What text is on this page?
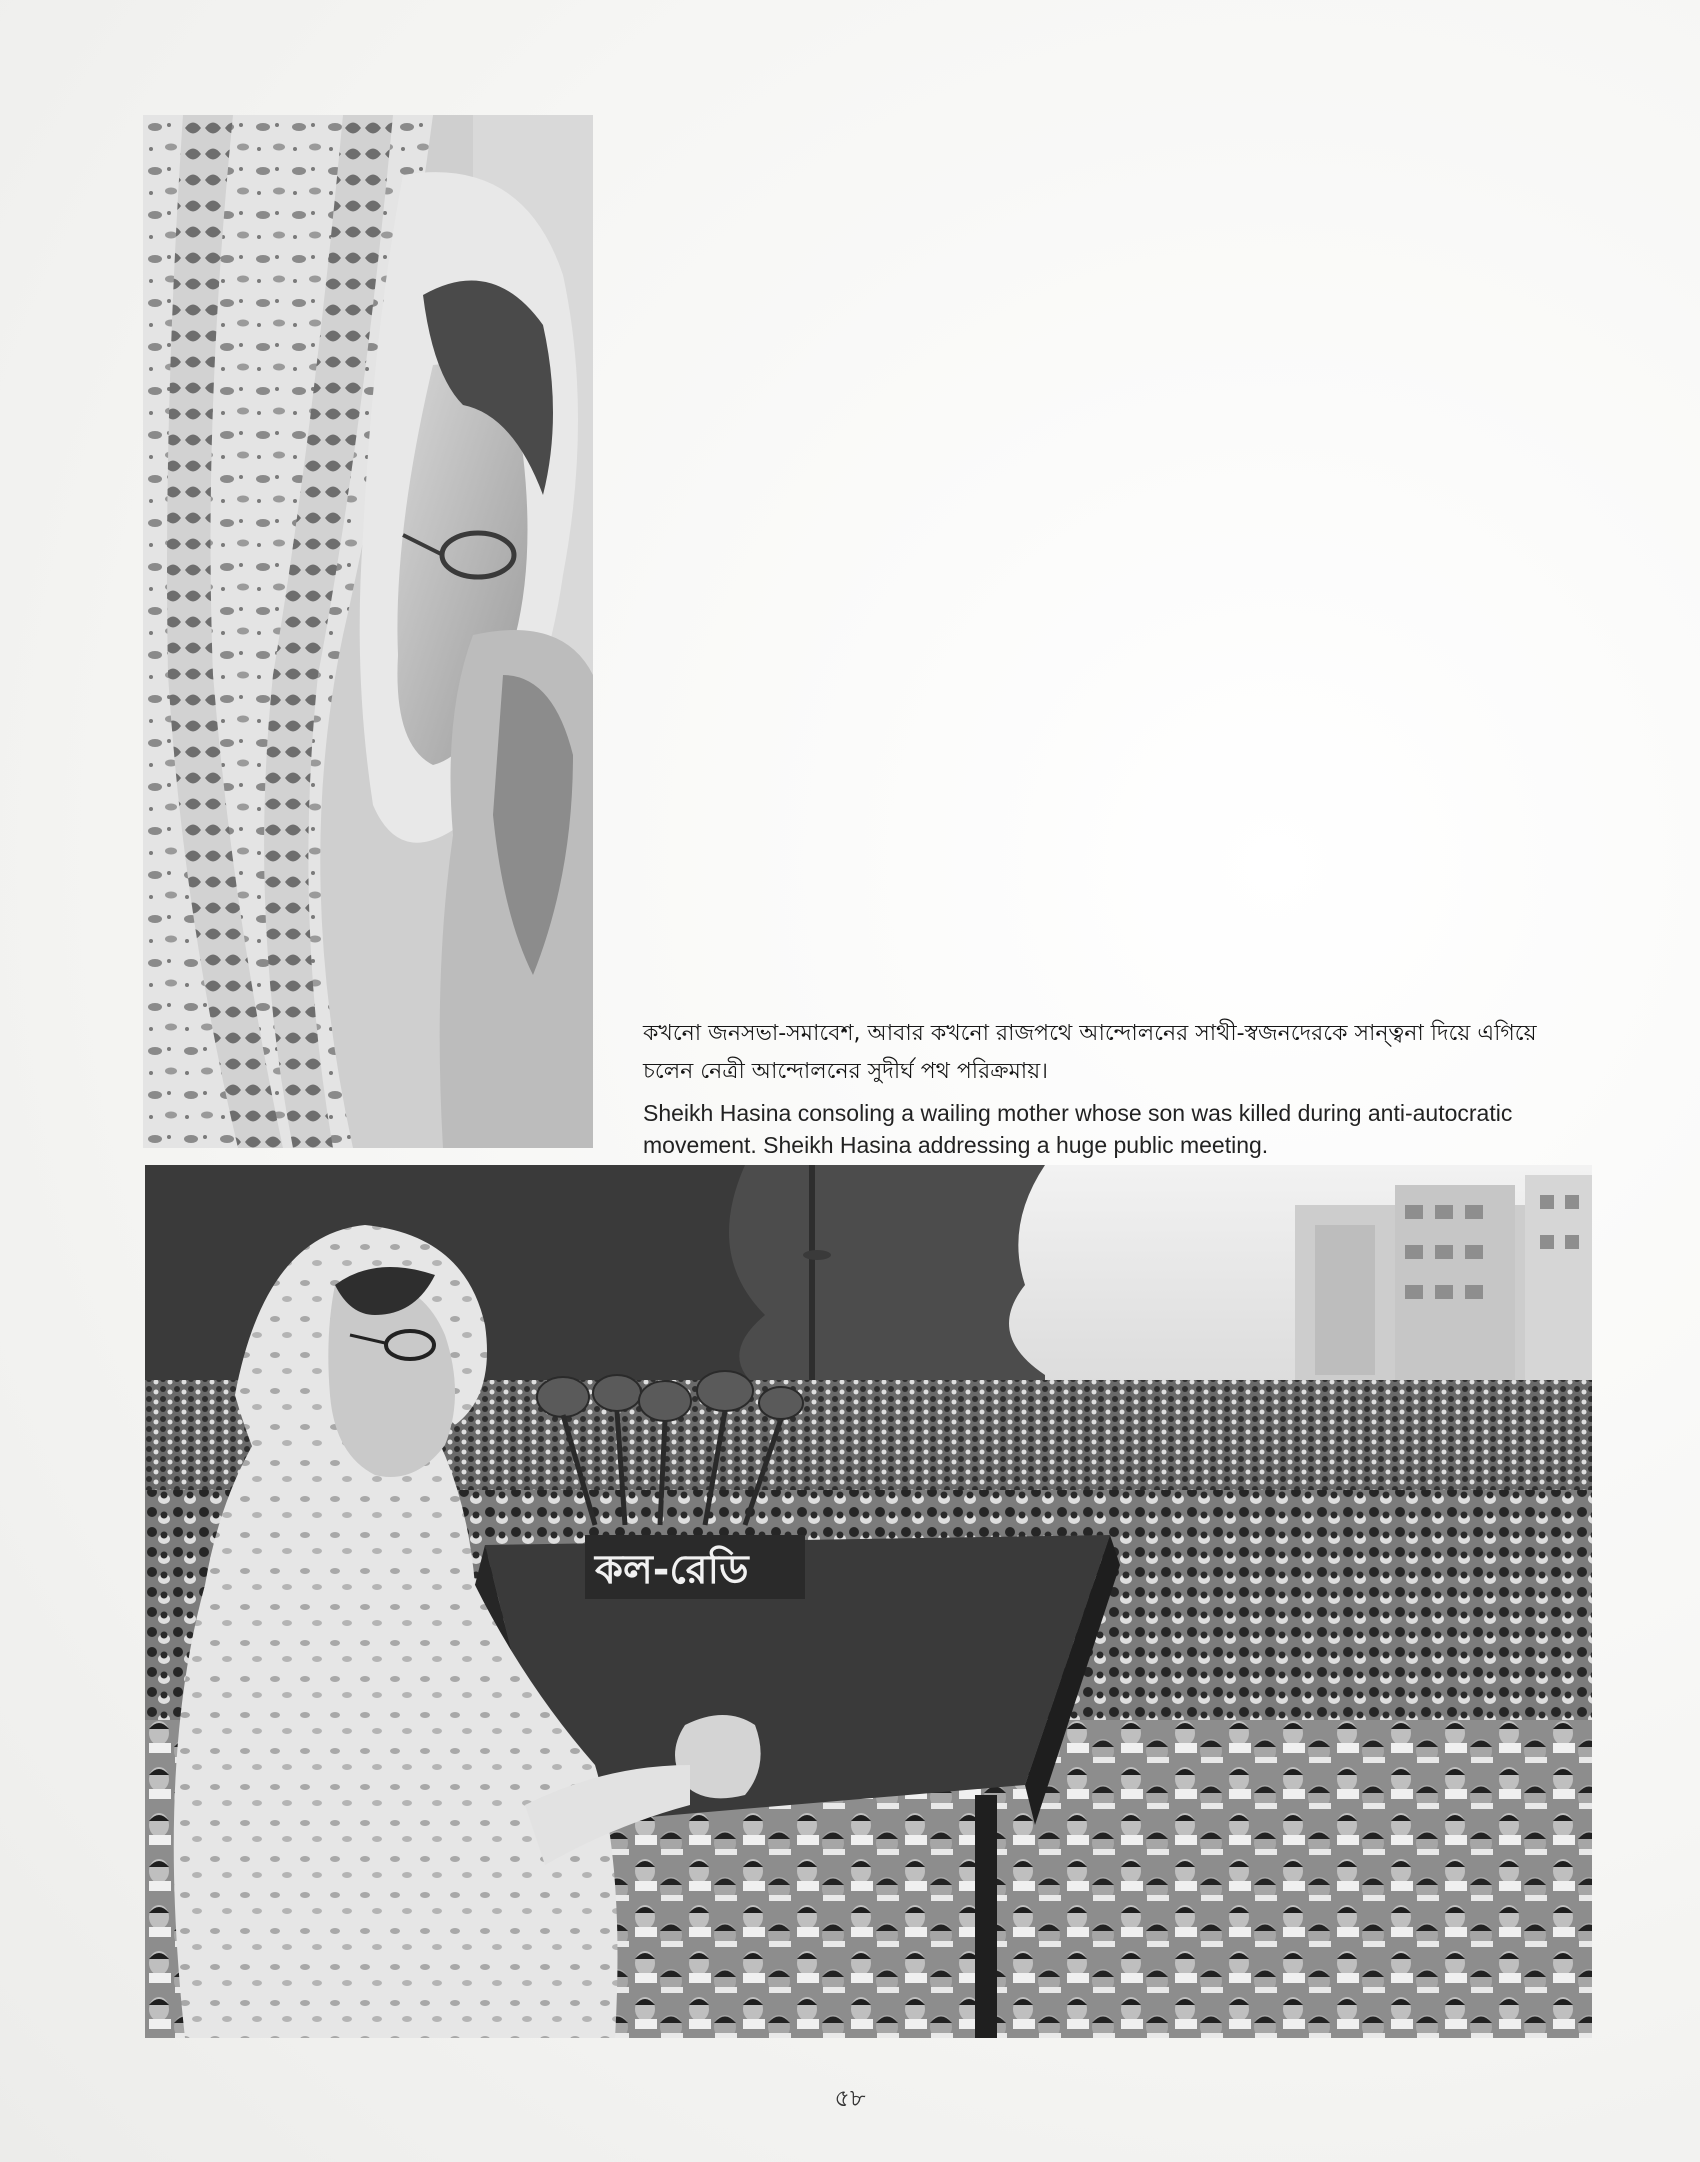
কখনো জনসভা-সমাবেশ, আবার কখনো রাজপথে আন্দোলনের সাথী-স্বজনদেরকে সান্ত্বনা দিয়ে এগিয়ে
চলেন নেত্রী আন্দোলনের সুদীর্ঘ পথ পরিক্রমায়।

Sheikh Hasina consoling a wailing mother whose son was killed during anti-autocratic
movement. Sheikh Hasina addressing a huge public meeting.

কল-রেডি
৫৮
